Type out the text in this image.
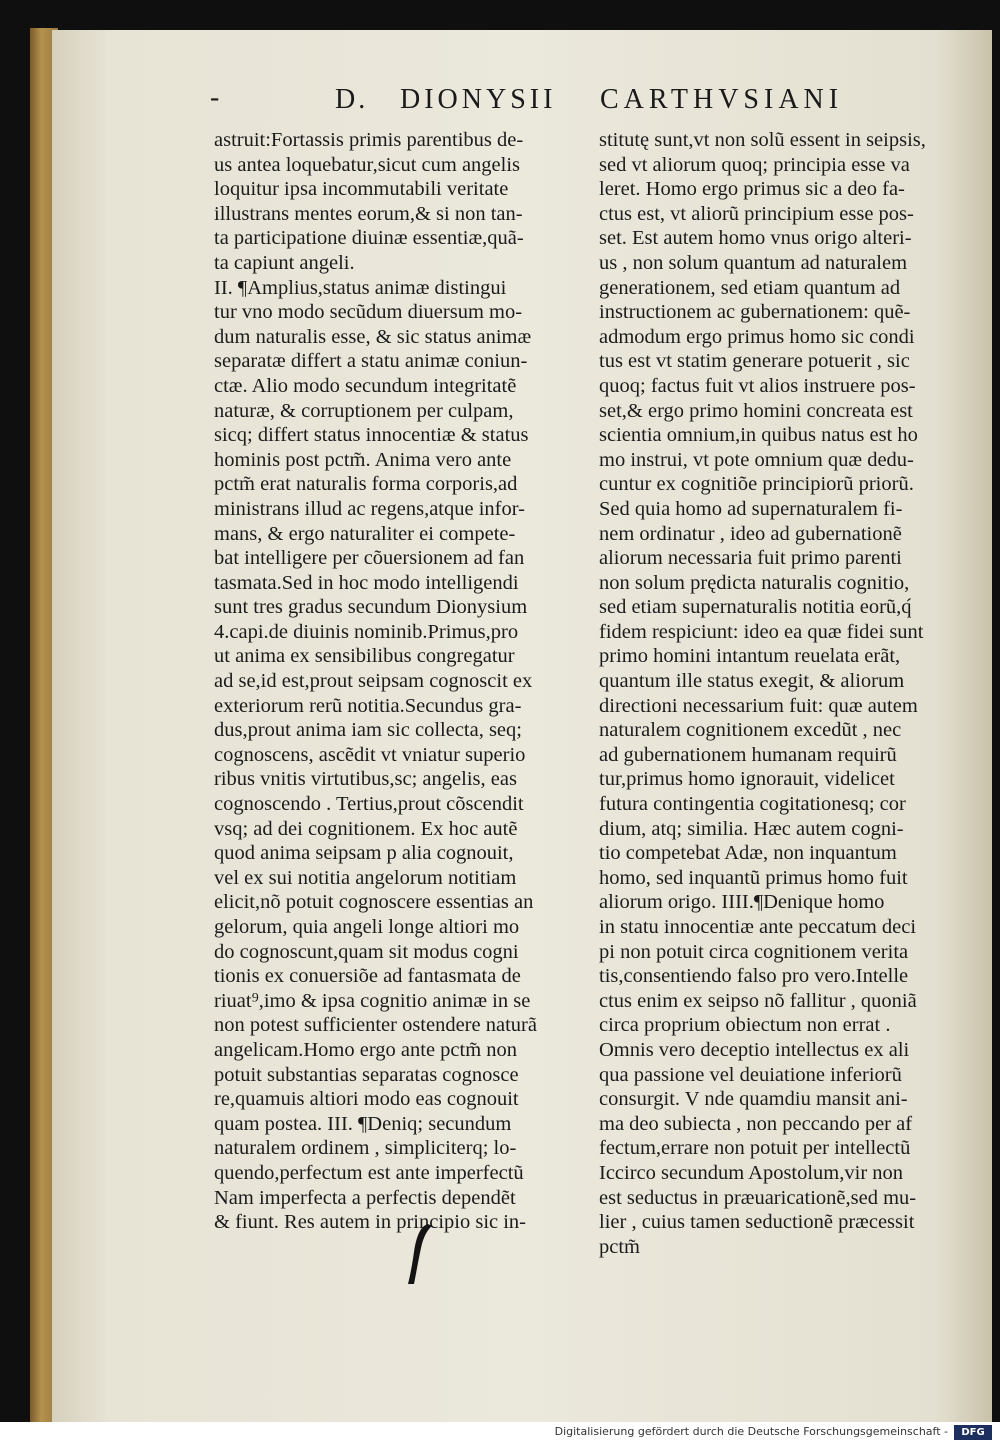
-	D. DIONYSII CARTHVSIANI
astruit:Fortassis primis parentibus de-
us antea loquebatur,sicut cum angelis
loquitur ipsa incommutabili veritate
illustrans mentes eorum,& si non tan-
ta participatione diuinæ essentiæ,quã-
ta capiunt angeli.
II. ¶Amplius,status animæ distingui
tur vno modo secũdum diuersum mo-
dum naturalis esse, & sic status animæ
separatæ differt a statu animæ coniun-
ctæ. Alio modo secundum integritatẽ
naturæ, & corruptionem per culpam,
sicq; differt status innocentiæ & status
hominis post pctm̃. Anima vero ante
pctm̃ erat naturalis forma corporis,ad
ministrans illud ac regens,atque infor-
mans, & ergo naturaliter ei compete-
bat intelligere per cõuersionem ad fan
tasmata.Sed in hoc modo intelligendi
sunt tres gradus secundum Dionysium
4.capi.de diuinis nominib.Primus,pro
ut anima ex sensibilibus congregatur
ad se,id est,prout seipsam cognoscit ex
exteriorum rerũ notitia.Secundus gra-
dus,prout anima iam sic collecta, seq;
cognoscens, ascẽdit vt vniatur superio
ribus vnitis virtutibus,sc; angelis, eas
cognoscendo . Tertius,prout cõscendit
vsq; ad dei cognitionem. Ex hoc autẽ
quod anima seipsam p alia cognouit,
vel ex sui notitia angelorum notitiam
elicit,nõ potuit cognoscere essentias an
gelorum, quia angeli longe altiori mo
do cognoscunt,quam sit modus cogni
tionis ex conuersiõe ad fantasmata de
riuat⁹,imo & ipsa cognitio animæ in se
non potest sufficienter ostendere naturã
angelicam.Homo ergo ante pctm̃ non
potuit substantias separatas cognosce
re,quamuis altiori modo eas cognouit
quam postea. III. ¶Deniq; secundum
naturalem ordinem , simpliciterq; lo-
quendo,perfectum est ante imperfectũ
Nam imperfecta a perfectis dependẽt
& fiunt. Res autem in principio sic in-
stitutę sunt,vt non solũ essent in seipsis,
sed vt aliorum quoq; principia esse va
leret. Homo ergo primus sic a deo fa-
ctus est, vt aliorũ principium esse pos-
set. Est autem homo vnus origo alteri-
us , non solum quantum ad naturalem
generationem, sed etiam quantum ad
instructionem ac gubernationem: quẽ-
admodum ergo primus homo sic condi
tus est vt statim generare potuerit , sic
quoq; factus fuit vt alios instruere pos-
set,& ergo primo homini concreata est
scientia omnium,in quibus natus est ho
mo instrui, vt pote omnium quæ dedu-
cuntur ex cognitiõe principiorũ priorũ.
Sed quia homo ad supernaturalem fi-
nem ordinatur , ideo ad gubernationẽ
aliorum necessaria fuit primo parenti
non solum prędicta naturalis cognitio,
sed etiam supernaturalis notitia eorũ,q́
fidem respiciunt: ideo ea quæ fidei sunt
primo homini intantum reuelata erãt,
quantum ille status exegit, & aliorum
directioni necessarium fuit: quæ autem
naturalem cognitionem excedũt , nec
ad gubernationem humanam requirũ
tur,primus homo ignorauit, videlicet
futura contingentia cogitationesq; cor
dium, atq; similia. Hæc autem cogni-
tio competebat Adæ, non inquantum
homo, sed inquantũ primus homo fuit
aliorum origo. IIII.¶Denique homo
in statu innocentiæ ante peccatum deci
pi non potuit circa cognitionem verita
tis,consentiendo falso pro vero.Intelle
ctus enim ex seipso nõ fallitur , quoniã
circa proprium obiectum non errat .
Omnis vero deceptio intellectus ex ali
qua passione vel deuiatione inferiorũ
consurgit. V nde quamdiu mansit ani-
ma deo subiecta , non peccando per af
fectum,errare non potuit per intellectũ
Iccirco secundum Apostolum,vir non
est seductus in præuaricationẽ,sed mu-
lier , cuius tamen seductionẽ præcessit
pctm̃
Digitalisierung gefördert durch die Deutsche Forschungsgemeinschaft -	DFG
